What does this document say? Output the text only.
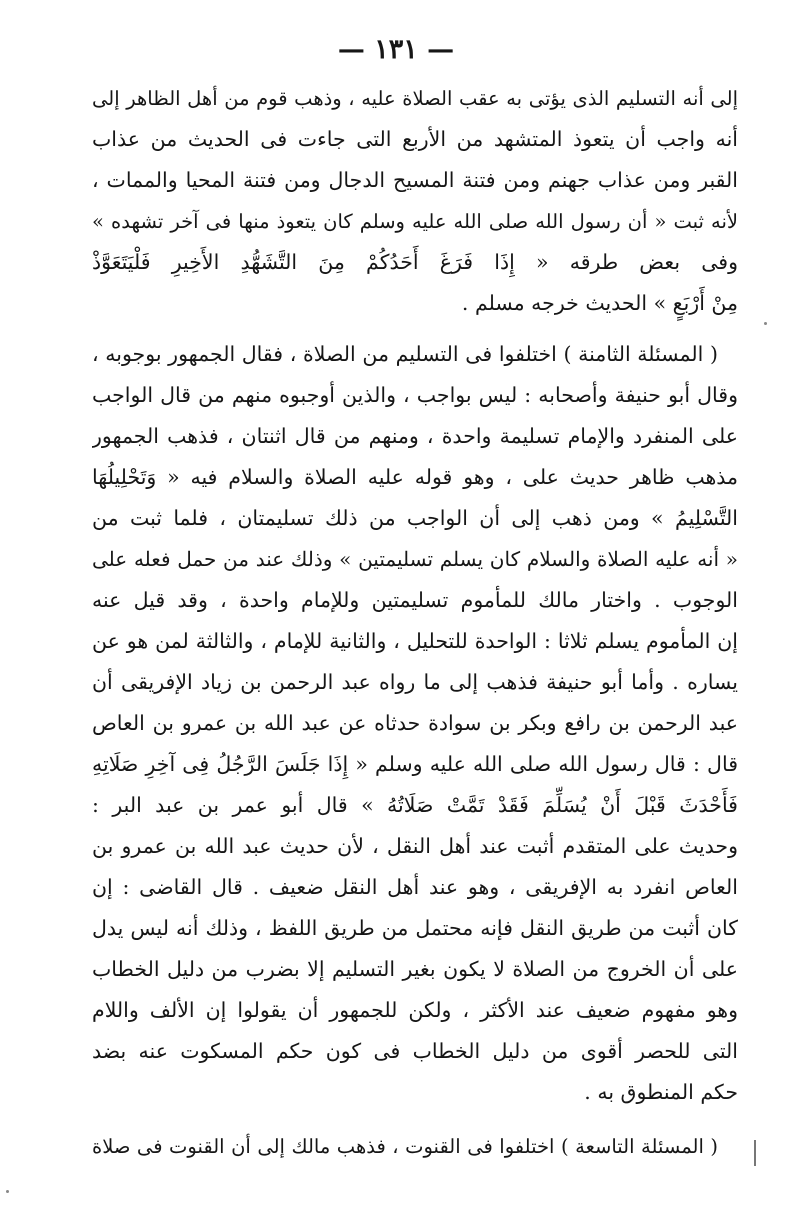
— ١٣١ —
إلى أنه التسليم الذى يؤتى به عقب الصلاة عليه ، وذهب قوم من أهل الظاهر إلى
أنه واجب أن يتعوذ المتشهد من الأربع التى جاءت فى الحديث من عذاب
القبر ومن عذاب جهنم ومن فتنة المسيح الدجال ومن فتنة المحيا والممات ،
لأنه ثبت « أن رسول الله صلى الله عليه وسلم كان يتعوذ منها فى آخر تشهده »
وفى بعض طرقه « إِذَا فَرَغَ أَحَدُكُمْ مِنَ التَّشَهُّدِ الأَخِيرِ فَلْيَتَعَوَّذْ
مِنْ أَرْبَعٍ » الحديث خرجه مسلم .
( المسئلة الثامنة ) اختلفوا فى التسليم من الصلاة ، فقال الجمهور بوجوبه ،
وقال أبو حنيفة وأصحابه : ليس بواجب ، والذين أوجبوه منهم من قال الواجب
على المنفرد والإمام تسليمة واحدة ، ومنهم من قال اثنتان ، فذهب الجمهور
مذهب ظاهر حديث على ، وهو قوله عليه الصلاة والسلام فيه « وَتَحْلِيلُهَا
التَّسْلِيمُ » ومن ذهب إلى أن الواجب من ذلك تسليمتان ، فلما ثبت من
« أنه عليه الصلاة والسلام كان يسلم تسليمتين » وذلك عند من حمل فعله على
الوجوب . واختار مالك للمأموم تسليمتين وللإمام واحدة ، وقد قيل عنه
إن المأموم يسلم ثلاثا : الواحدة للتحليل ، والثانية للإمام ، والثالثة لمن هو عن
يساره . وأما أبو حنيفة فذهب إلى ما رواه عبد الرحمن بن زياد الإفريقى أن
عبد الرحمن بن رافع وبكر بن سوادة حدثاه عن عبد الله بن عمرو بن العاص
قال : قال رسول الله صلى الله عليه وسلم « إِذَا جَلَسَ الرَّجُلُ فِى آخِرِ صَلَاتِهِ
فَأَحْدَثَ قَبْلَ أَنْ يُسَلِّمَ فَقَدْ تَمَّتْ صَلَاتُهُ » قال أبو عمر بن عبد البر :
وحديث على المتقدم أثبت عند أهل النقل ، لأن حديث عبد الله بن عمرو بن
العاص انفرد به الإفريقى ، وهو عند أهل النقل ضعيف . قال القاضى : إن
كان أثبت من طريق النقل فإنه محتمل من طريق اللفظ ، وذلك أنه ليس يدل
على أن الخروج من الصلاة لا يكون بغير التسليم إلا بضرب من دليل الخطاب
وهو مفهوم ضعيف عند الأكثر ، ولكن للجمهور أن يقولوا إن الألف واللام
التى للحصر أقوى من دليل الخطاب فى كون حكم المسكوت عنه بضد
حكم المنطوق به .
( المسئلة التاسعة ) اختلفوا فى القنوت ، فذهب مالك إلى أن القنوت فى صلاة
